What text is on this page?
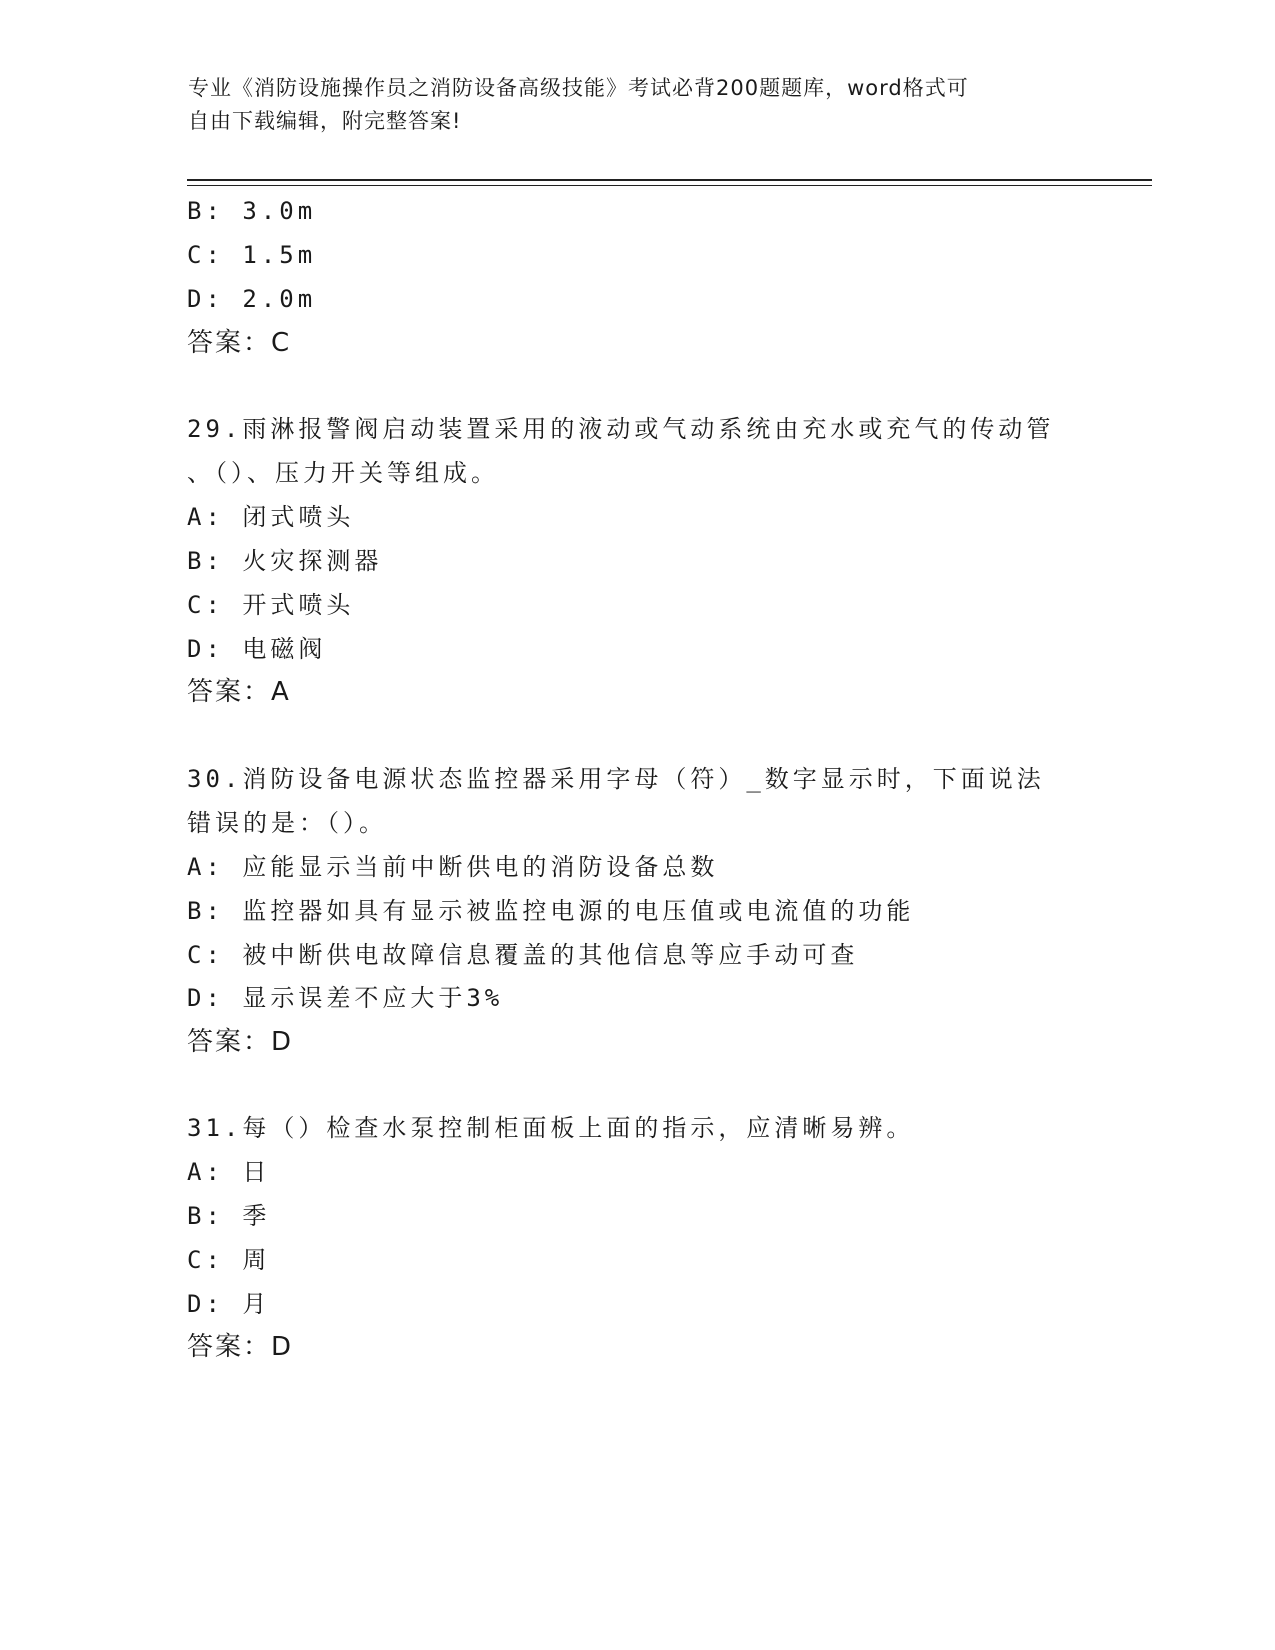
专业《消防设施操作员之消防设备高级技能》考试必背200题题库，word格式可
自由下载编辑，附完整答案!
B: 3.0m
C: 1.5m
D: 2.0m
答案：C
29.雨淋报警阀启动装置采用的液动或气动系统由充水或充气的传动管
、（）、压力开关等组成。
A: 闭式喷头
B: 火灾探测器
C: 开式喷头
D: 电磁阀
答案：A
30.消防设备电源状态监控器采用字母（符）_数字显示时，下面说法
错误的是：（）。
A: 应能显示当前中断供电的消防设备总数
B: 监控器如具有显示被监控电源的电压值或电流值的功能
C: 被中断供电故障信息覆盖的其他信息等应手动可查
D: 显示误差不应大于3%
答案：D
31.每（）检查水泵控制柜面板上面的指示，应清晰易辨。
A: 日
B: 季
C: 周
D: 月
答案：D
